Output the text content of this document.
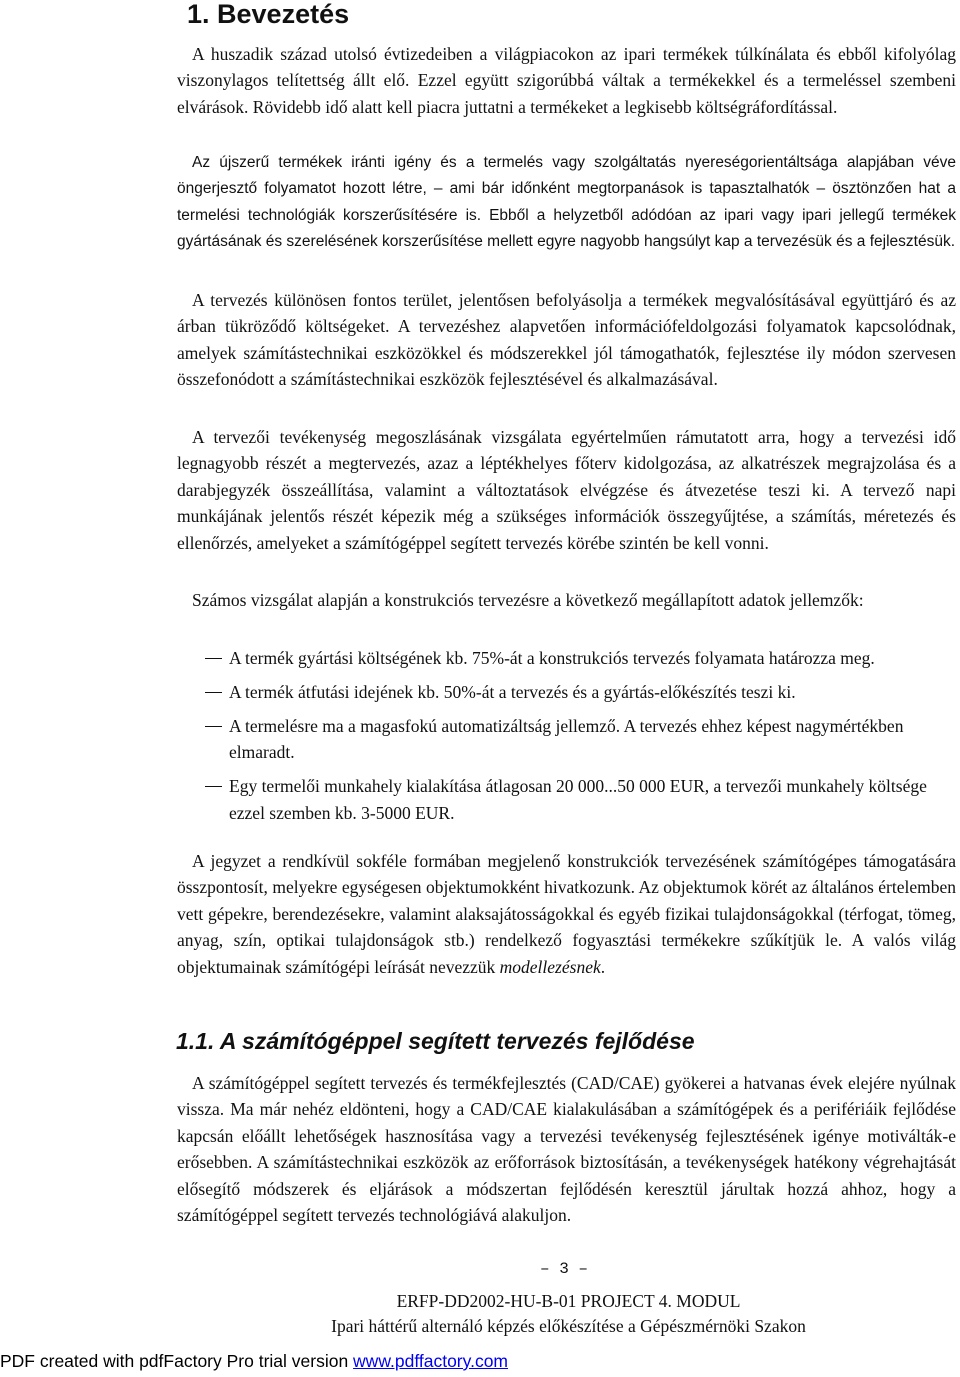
1. Bevezetés

A huszadik század utolsó évtizedeiben a világpiacokon az ipari termékek túlkínálata és ebből kifolyólag viszonylagos telítettség állt elő. Ezzel együtt szigorúbbá váltak a termékekkel és a termeléssel szembeni elvárások. Rövidebb idő alatt kell piacra juttatni a termékeket a legkisebb költségráfordítással.

Az újszerű termékek iránti igény és a termelés vagy szolgáltatás nyereségorientáltsága alapjában véve öngerjesztő folyamatot hozott létre, – ami bár időnként megtorpanások is tapasztalhatók – ösztönzően hat a termelési technológiák korszerűsítésére is. Ebből a helyzetből adódóan az ipari vagy ipari jellegű termékek gyártásának és szerelésének korszerűsítése mellett egyre nagyobb hangsúlyt kap a tervezésük és a fejlesztésük.

A tervezés különösen fontos terület, jelentősen befolyásolja a termékek megvalósításával együttjáró és az árban tükröződő költségeket. A tervezéshez alapvetően információfeldolgozási folyamatok kapcsolódnak, amelyek számítástechnikai eszközökkel és módszerekkel jól támogathatók, fejlesztése ily módon szervesen összefonódott a számítástechnikai eszközök fejlesztésével és alkalmazásával.

A tervezői tevékenység megoszlásának vizsgálata egyértelműen rámutatott arra, hogy a tervezési idő legnagyobb részét a megtervezés, azaz a léptékhelyes főterv kidolgozása, az alkatrészek megrajzolása és a darabjegyzék összeállítása, valamint a változtatások elvégzése és átvezetése teszi ki. A tervező napi munkájának jelentős részét képezik még a szükséges információk összegyűjtése, a számítás, méretezés és ellenőrzés, amelyeket a számítógéppel segített tervezés körébe szintén be kell vonni.

Számos vizsgálat alapján a konstrukciós tervezésre a következő megállapított adatok jellemzők:

A termék gyártási költségének kb. 75%-át a konstrukciós tervezés folyamata határozza meg.
A termék átfutási idejének kb. 50%-át a tervezés és a gyártás-előkészítés teszi ki.
A termelésre ma a magasfokú automatizáltság jellemző. A tervezés ehhez képest nagymértékben elmaradt.
Egy termelői munkahely kialakítása átlagosan 20 000...50 000 EUR, a tervezői munkahely költsége ezzel szemben kb. 3-5000 EUR.

A jegyzet a rendkívül sokféle formában megjelenő konstrukciók tervezésének számítógépes támogatására összpontosít, melyekre egységesen objektumokként hivatkozunk. Az objektumok körét az általános értelemben vett gépekre, berendezésekre, valamint alaksajátosságokkal és egyéb fizikai tulajdonságokkal (térfogat, tömeg, anyag, szín, optikai tulajdonságok stb.) rendelkező fogyasztási termékekre szűkítjük le. A valós világ objektumainak számítógépi leírását nevezzük modellezésnek.

1.1. A számítógéppel segített tervezés fejlődése

A számítógéppel segített tervezés és termékfejlesztés (CAD/CAE) gyökerei a hatvanas évek elejére nyúlnak vissza. Ma már nehéz eldönteni, hogy a CAD/CAE kialakulásában a számítógépek és a perifériáik fejlődése kapcsán előállt lehetőségek hasznosítása vagy a tervezési tevékenység fejlesztésének igénye motiválták-e erősebben. A számítástechnikai eszközök az erőforrások biztosításán, a tevékenységek hatékony végrehajtását elősegítő módszerek és eljárások a módszertan fejlődésén keresztül járultak hozzá ahhoz, hogy a számítógéppel segített tervezés technológiává alakuljon.

– 3 –
ERFP-DD2002-HU-B-01 PROJECT 4. MODUL
Ipari háttérű alternáló képzés előkészítése a Gépészmérnöki Szakon
PDF created with pdfFactory Pro trial version www.pdffactory.com
